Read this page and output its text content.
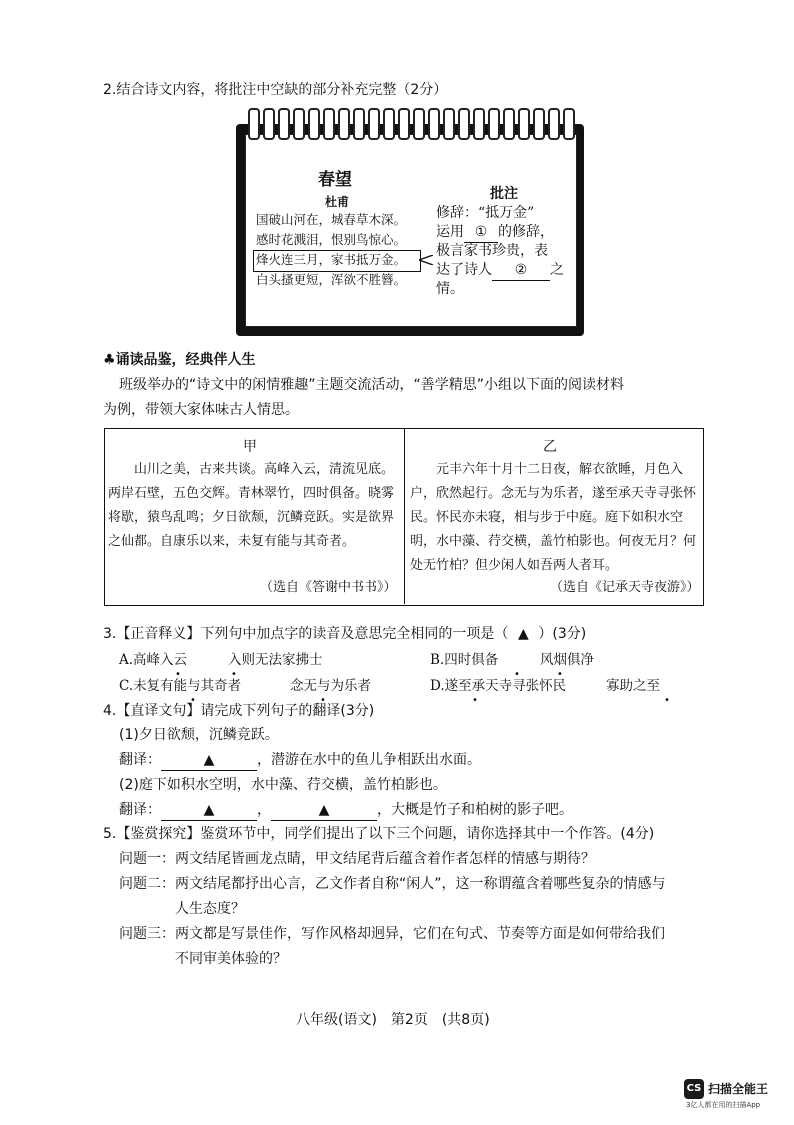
2.结合诗文内容，将批注中空缺的部分补充完整（2分）
春望
杜甫
国破山河在，城春草木深。
感时花溅泪，恨别鸟惊心。
烽火连三月，家书抵万金。
白头搔更短，浑欲不胜簪。
批注
修辞：“抵万金”
运用 ① 的修辞，
极言家书珍贵，表
达了诗人 ② 之
情。
♣诵读品鉴，经典伴人生
班级举办的“诗文中的闲情雅趣”主题交流活动，“善学精思”小组以下面的阅读材料
为例，带领大家体味古人情思。
甲
山川之美，古来共谈。高峰入云，清流见底。两岸石壁，五色交辉。青林翠竹，四时俱备。晓雾将歇，猿鸟乱鸣；夕日欲颓，沉鳞竞跃。实是欲界之仙都。自康乐以来，未复有能与其奇者。
（选自《答谢中书书》）
乙
元丰六年十月十二日夜，解衣欲睡，月色入户，欣然起行。念无与为乐者，遂至承天寺寻张怀民。怀民亦未寝，相与步于中庭。庭下如积水空明，水中藻、荇交横，盖竹柏影也。何夜无月？何处无竹柏？但少闲人如吾两人者耳。
（选自《记承天寺夜游》）
3.【正音释义】下列句中加点字的读音及意思完全相同的一项是（ ▲ ）(3分)
A.高峰入云	入则无法家拂士	B.四时俱备	风烟俱净
C.未复有能与其奇者	念无与为乐者	D.遂至承天寺寻张怀民	寡助之至
•	•	•	•
•	•	•	•
4.【直译文句】请完成下列句子的翻译(3分)
(1)夕日欲颓，沉鳞竞跃。
翻译：	▲	，潜游在水中的鱼儿争相跃出水面。
(2)庭下如积水空明，水中藻、荇交横，盖竹柏影也。
翻译：	▲	，	▲	，大概是竹子和柏树的影子吧。
5.【鉴赏探究】鉴赏环节中，同学们提出了以下三个问题，请你选择其中一个作答。(4分)
问题一：两文结尾皆画龙点睛，甲文结尾背后蕴含着作者怎样的情感与期待？
问题二：两文结尾都抒出心言，乙文作者自称“闲人”，这一称谓蕴含着哪些复杂的情感与
人生态度？
问题三：两文都是写景佳作，写作风格却迥异，它们在句式、节奏等方面是如何带给我们
不同审美体验的？
八年级(语文)　第2页　(共8页)
CS 扫描全能王
3亿人都在用的扫描App
